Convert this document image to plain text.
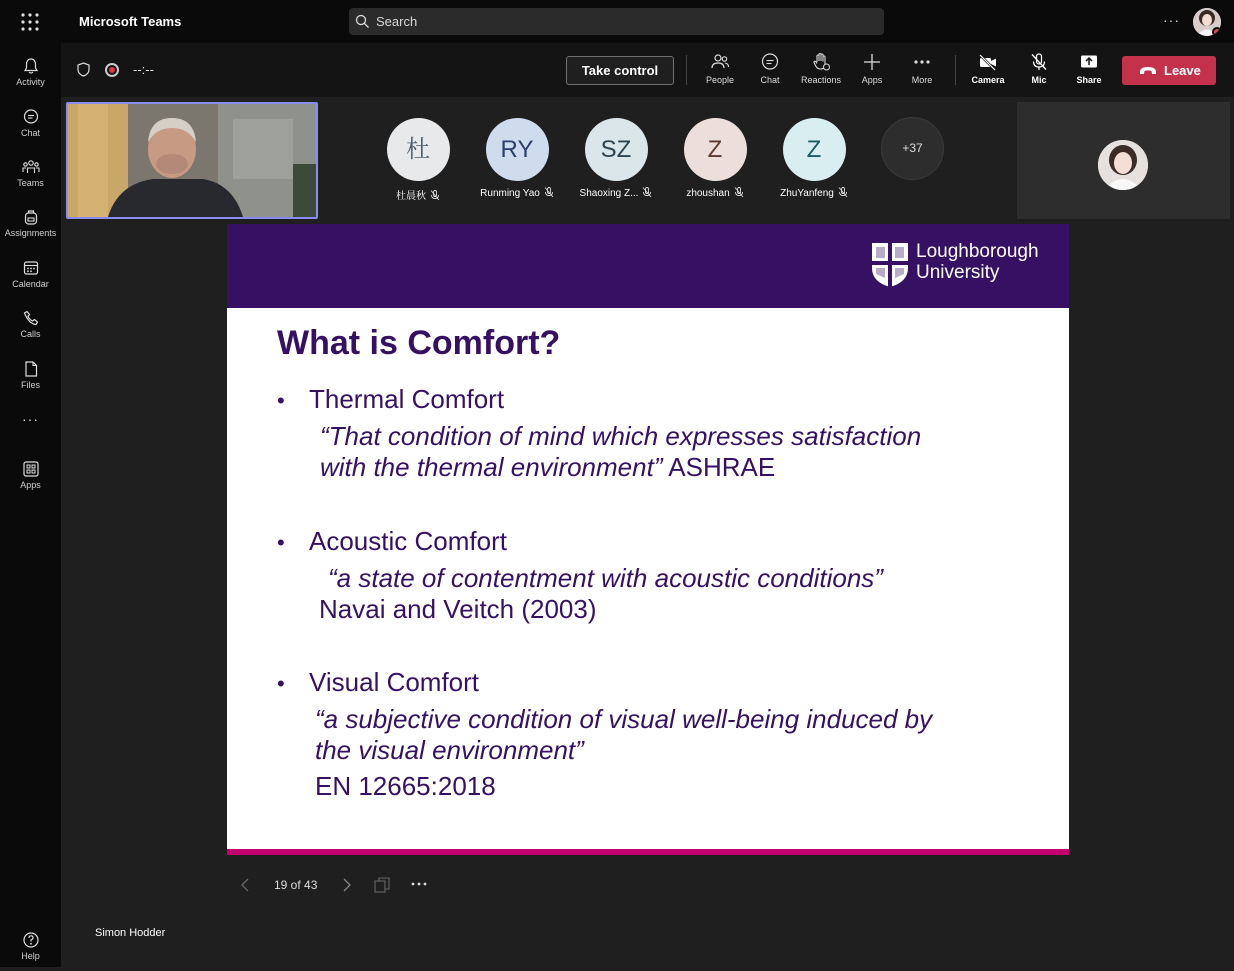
Microsoft Teams
Search	···
Activity
Chat
Teams
Assignments
Calendar
Calls
Files
···
Apps
Help
--:--	Take control
People	Chat	Reactions	Apps	More	Camera	Mic	Share
Leave
杜
杜晨秋
RY
Runming Yao
SZ
Shaoxing Z...
Z
zhoushan
Z
ZhuYanfeng
+37
Loughborough
University
What is Comfort?
• Thermal Comfort
“That condition of mind which expresses satisfaction
with the thermal environment” ASHRAE
• Acoustic Comfort
“a state of contentment with acoustic conditions”
Navai and Veitch (2003)
• Visual Comfort
“a subjective condition of visual well-being induced by
the visual environment”
EN 12665:2018
19 of 43
Simon Hodder
